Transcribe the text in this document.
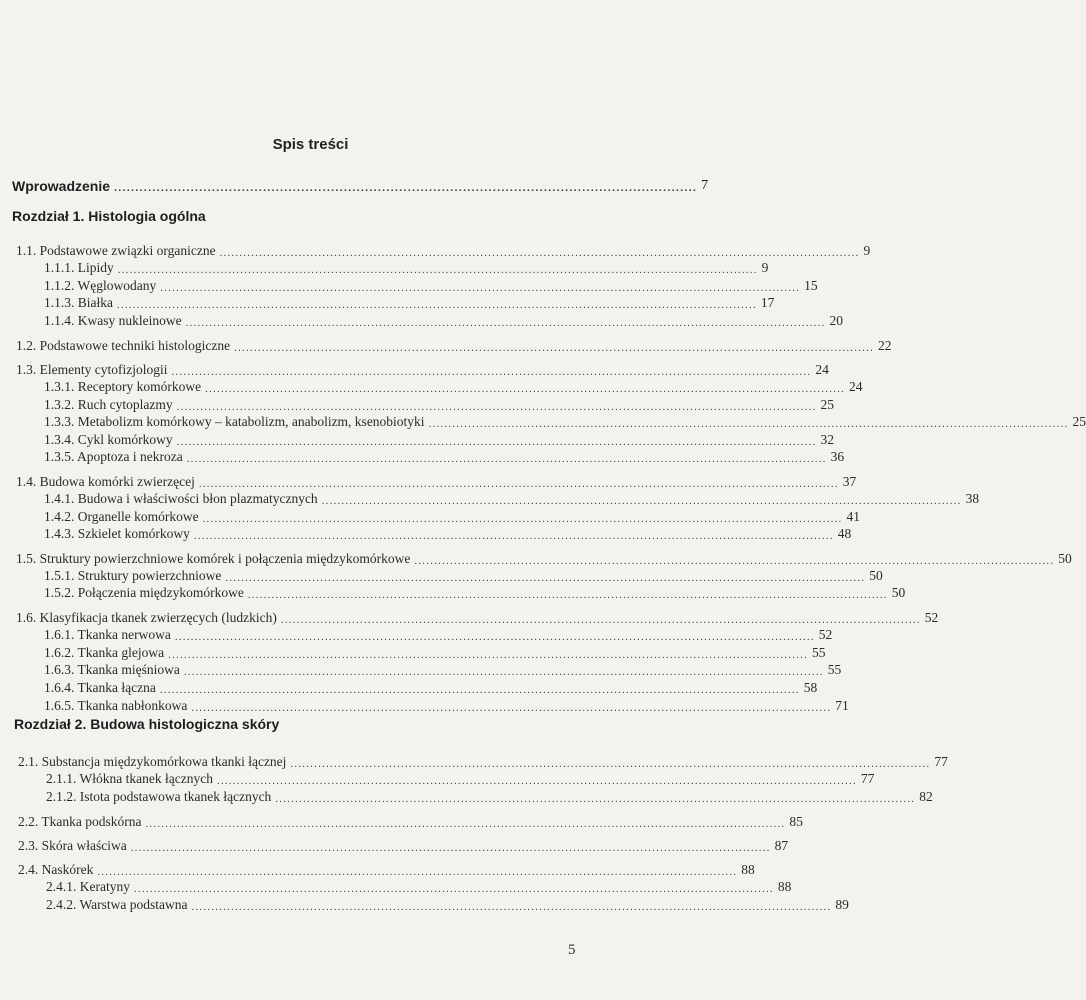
Spis treści
Wprowadzenie ......................................................................................................................................... 7
Rozdział 1. Histologia ogólna
1.1. Podstawowe związki organiczne .................................................................................................................................................................. 9
1.1.1. Lipidy .................................................................................................................................................................. 9
1.1.2. Węglowodany .................................................................................................................................................................. 15
1.1.3. Białka .................................................................................................................................................................. 17
1.1.4. Kwasy nukleinowe .................................................................................................................................................................. 20
1.2. Podstawowe techniki histologiczne .................................................................................................................................................................. 22
1.3. Elementy cytofizjologii .................................................................................................................................................................. 24
1.3.1. Receptory komórkowe .................................................................................................................................................................. 24
1.3.2. Ruch cytoplazmy .................................................................................................................................................................. 25
1.3.3. Metabolizm komórkowy – katabolizm, anabolizm, ksenobiotyki .................................................................................................................................................................. 25
1.3.4. Cykl komórkowy .................................................................................................................................................................. 32
1.3.5. Apoptoza i nekroza .................................................................................................................................................................. 36
1.4. Budowa komórki zwierzęcej .................................................................................................................................................................. 37
1.4.1. Budowa i właściwości błon plazmatycznych .................................................................................................................................................................. 38
1.4.2. Organelle komórkowe .................................................................................................................................................................. 41
1.4.3. Szkielet komórkowy .................................................................................................................................................................. 48
1.5. Struktury powierzchniowe komórek i połączenia międzykomórkowe .................................................................................................................................................................. 50
1.5.1. Struktury powierzchniowe .................................................................................................................................................................. 50
1.5.2. Połączenia międzykomórkowe .................................................................................................................................................................. 50
1.6. Klasyfikacja tkanek zwierzęcych (ludzkich) .................................................................................................................................................................. 52
1.6.1. Tkanka nerwowa .................................................................................................................................................................. 52
1.6.2. Tkanka glejowa .................................................................................................................................................................. 55
1.6.3. Tkanka mięśniowa .................................................................................................................................................................. 55
1.6.4. Tkanka łączna .................................................................................................................................................................. 58
1.6.5. Tkanka nabłonkowa .................................................................................................................................................................. 71
Rozdział 2. Budowa histologiczna skóry
2.1. Substancja międzykomórkowa tkanki łącznej .................................................................................................................................................................. 77
2.1.1. Włókna tkanek łącznych .................................................................................................................................................................. 77
2.1.2. Istota podstawowa tkanek łącznych .................................................................................................................................................................. 82
2.2. Tkanka podskórna .................................................................................................................................................................. 85
2.3. Skóra właściwa .................................................................................................................................................................. 87
2.4. Naskórek .................................................................................................................................................................. 88
2.4.1. Keratyny .................................................................................................................................................................. 88
2.4.2. Warstwa podstawna .................................................................................................................................................................. 89
5
